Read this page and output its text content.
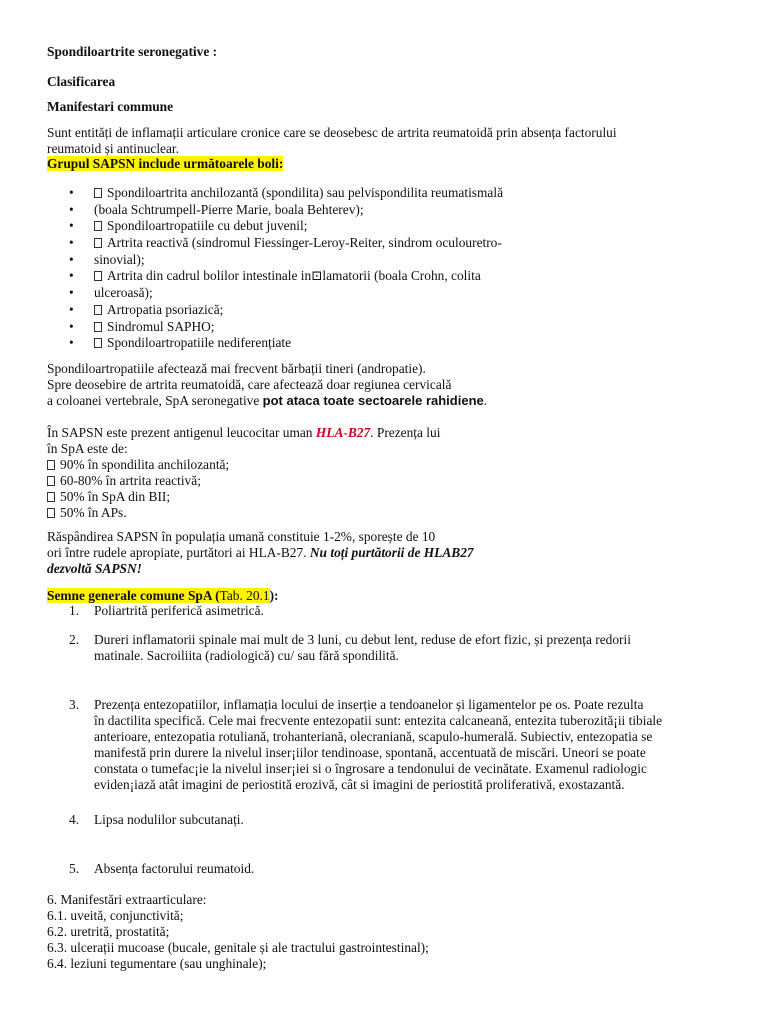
Spondiloartrite seronegative :

Clasificarea

Manifestari commune

Sunt entități de inflamații articulare cronice care se deosebesc de artrita reumatoidă prin absența factorului
reumatoid și antinuclear.
Grupul SAPSN include următoarele boli:
• Spondiloartrita anchilozantă (spondilita) sau pelvispondilita reumatismală
• (boala Schtrumpell-Pierre Marie, boala Behterev);
• Spondiloartropatiile cu debut juvenil;
• Artrita reactivă (sindromul Fiessinger-Leroy-Reiter, sindrom oculouretro-
• sinovial);
• Artrita din cadrul bolilor intestinale in⊡lamatorii (boala Crohn, colita
• ulceroasă);
• Artropatia psoriazică;
• Sindromul SAPHO;
• Spondiloartropatiile nediferențiate
Spondiloartropatiile afectează mai frecvent bărbații tineri (andropatie).
Spre deosebire de artrita reumatoidă, care afectează doar regiunea cervicală
a coloanei vertebrale, SpA seronegative pot ataca toate sectoarele rahidiene.
În SAPSN este prezent antigenul leucocitar uman HLA-B27. Prezența lui
în SpA este de:
90% în spondilita anchilozantă;
60-80% în artrita reactivă;
50% în SpA din BII;
50% în APs.
Răspândirea SAPSN în populația umană constituie 1-2%, sporește de 10
ori între rudele apropiate, purtători ai HLA-B27. Nu toți purtătorii de HLAB27
dezvoltă SAPSN!
Semne generale comune SpA (Tab. 20.1):
1. Poliartrită periferică asimetrică.
2. Dureri inflamatorii spinale mai mult de 3 luni, cu debut lent, reduse de efort fizic, și prezența redorii
matinale. Sacroiliita (radiologică) cu/ sau fără spondilită.
3. Prezența entezopatiilor, inflamația locului de inserție a tendoanelor și ligamentelor pe os. Poate rezulta
în dactilita specifică. Cele mai frecvente entezopatii sunt: entezita calcaneană, entezita tuberozită¡ii tibiale
anterioare, entezopatia rotuliană, trohanteriană, olecraniană, scapulo-humerală. Subiectiv, entezopatia se
manifestă prin durere la nivelul inser¡iilor tendinoase, spontană, accentuată de miscări. Uneori se poate
constata o tumefac¡ie la nivelul inser¡iei si o îngrosare a tendonului de vecinătate. Examenul radiologic
eviden¡iază atât imagini de periostită erozivă, cât si imagini de periostită proliferativă, exostazantă.
4. Lipsa nodulilor subcutanați.
5. Absența factorului reumatoid.
6. Manifestări extraarticulare:
6.1. uveită, conjunctivită;
6.2. uretrită, prostatită;
6.3. ulcerații mucoase (bucale, genitale și ale tractului gastrointestinal);
6.4. leziuni tegumentare (sau unghinale);
